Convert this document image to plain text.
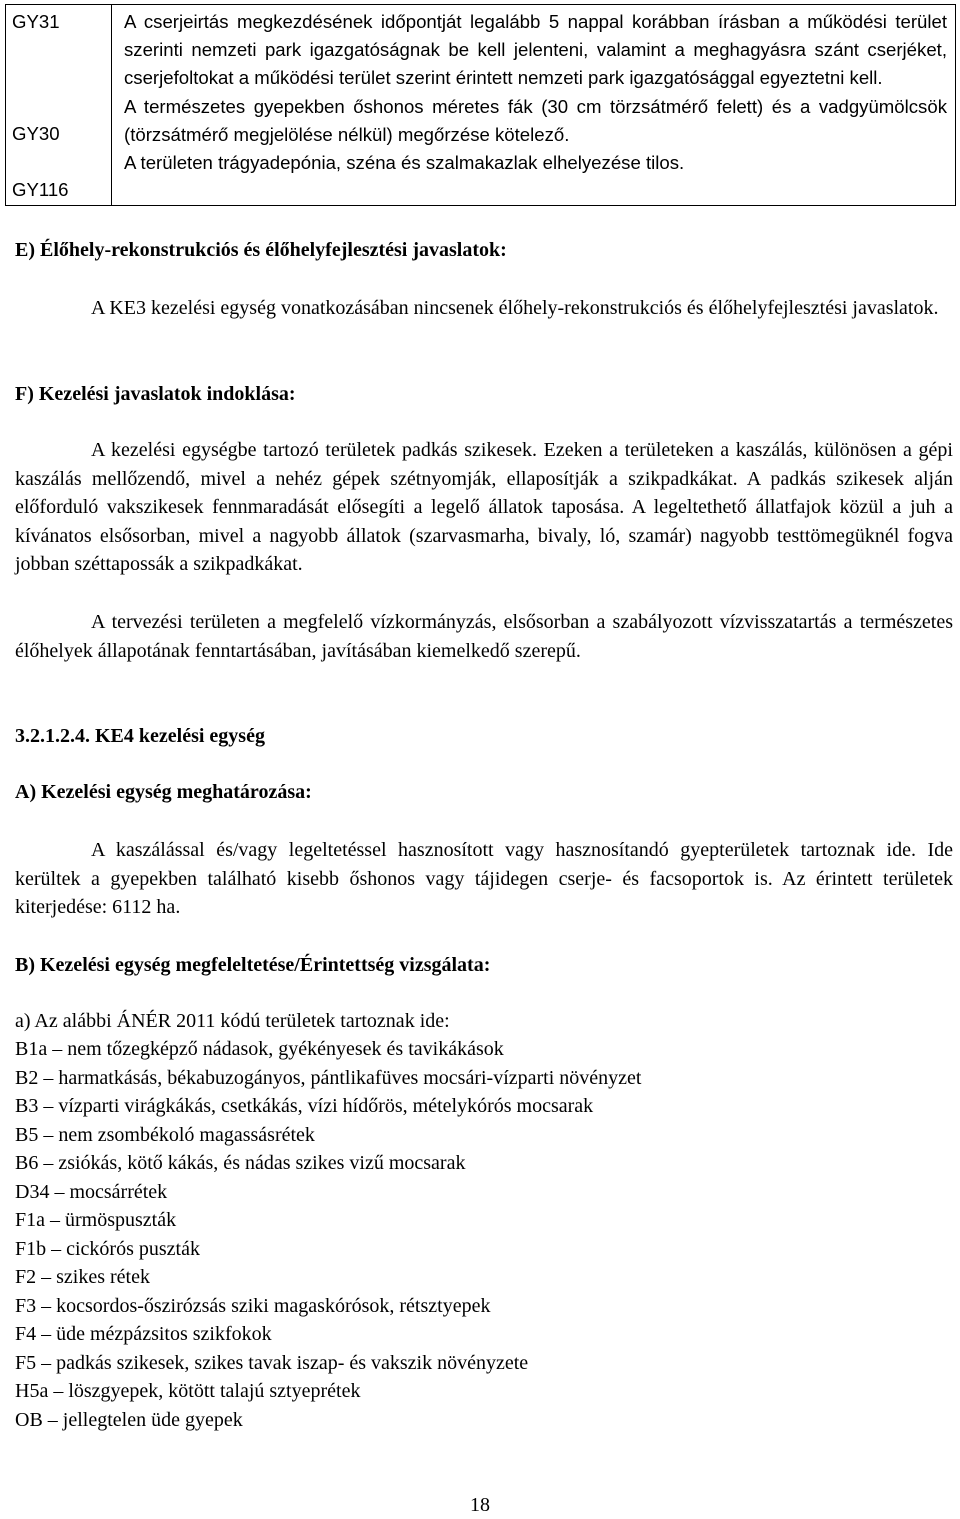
GY31
GY30
GY116

A cserjeirtás megkezdésének időpontját legalább 5 nappal korábban írásban a működési terület szerinti nemzeti park igazgatóságnak be kell jelenteni, valamint a meghagyásra szánt cserjéket, cserjefoltokat a működési terület szerint érintett nemzeti park igazgatósággal egyeztetni kell.
A természetes gyepekben őshonos méretes fák (30 cm törzsátmérő felett) és a vadgyümölcsök (törzsátmérő megjelölése nélkül) megőrzése kötelező.
A területen trágyadepónia, széna és szalmakazlak elhelyezése tilos.
E) Élőhely-rekonstrukciós és élőhelyfejlesztési javaslatok:
A KE3 kezelési egység vonatkozásában nincsenek élőhely-rekonstrukciós és élőhelyfejlesztési javaslatok.
F) Kezelési javaslatok indoklása:
A kezelési egységbe tartozó területek padkás szikesek. Ezeken a területeken a kaszálás, különösen a gépi kaszálás mellőzendő, mivel a nehéz gépek szétnyomják, ellaposítják a szikpadkákat. A padkás szikesek alján előforduló vakszikesek fennmaradását elősegíti a legelő állatok taposása. A legeltethető állatfajok közül a juh a kívánatos elsősorban, mivel a nagyobb állatok (szarvasmarha, bivaly, ló, szamár) nagyobb testtömegüknél fogva jobban széttapossák a szikpadkákat.
A tervezési területen a megfelelő vízkormányzás, elsősorban a szabályozott vízvisszatartás a természetes élőhelyek állapotának fenntartásában, javításában kiemelkedő szerepű.
3.2.1.2.4. KE4 kezelési egység
A) Kezelési egység meghatározása:
A kaszálással és/vagy legeltetéssel hasznosított vagy hasznosítandó gyepterületek tartoznak ide. Ide kerültek a gyepekben található kisebb őshonos vagy tájidegen cserje- és facsoportok is. Az érintett területek kiterjedése: 6112 ha.
B) Kezelési egység megfeleltetése/Érintettség vizsgálata:
a) Az alábbi ÁNÉR 2011 kódú területek tartoznak ide:
B1a – nem tőzegképző nádasok, gyékényesek és tavikákások
B2 – harmatkásás, békabuzogányos, pántlikafüves mocsári-vízparti növényzet
B3 – vízparti virágkákás, csetkákás, vízi hídőrös, mételykórós mocsarak
B5 – nem zsombékoló magassásrétek
B6 – zsiókás, kötő kákás, és nádas szikes vizű mocsarak
D34 – mocsárrétek
F1a – ürmöspuszták
F1b – cickórós puszták
F2 – szikes rétek
F3 – kocsordos-őszirózsás sziki magaskórósok, rétsztyepek
F4 – üde mézpázsitos szikfokok
F5 – padkás szikesek, szikes tavak iszap- és vakszik növényzete
H5a – löszgyepek, kötött talajú sztyeprétek
OB – jellegtelen üde gyepek
18
